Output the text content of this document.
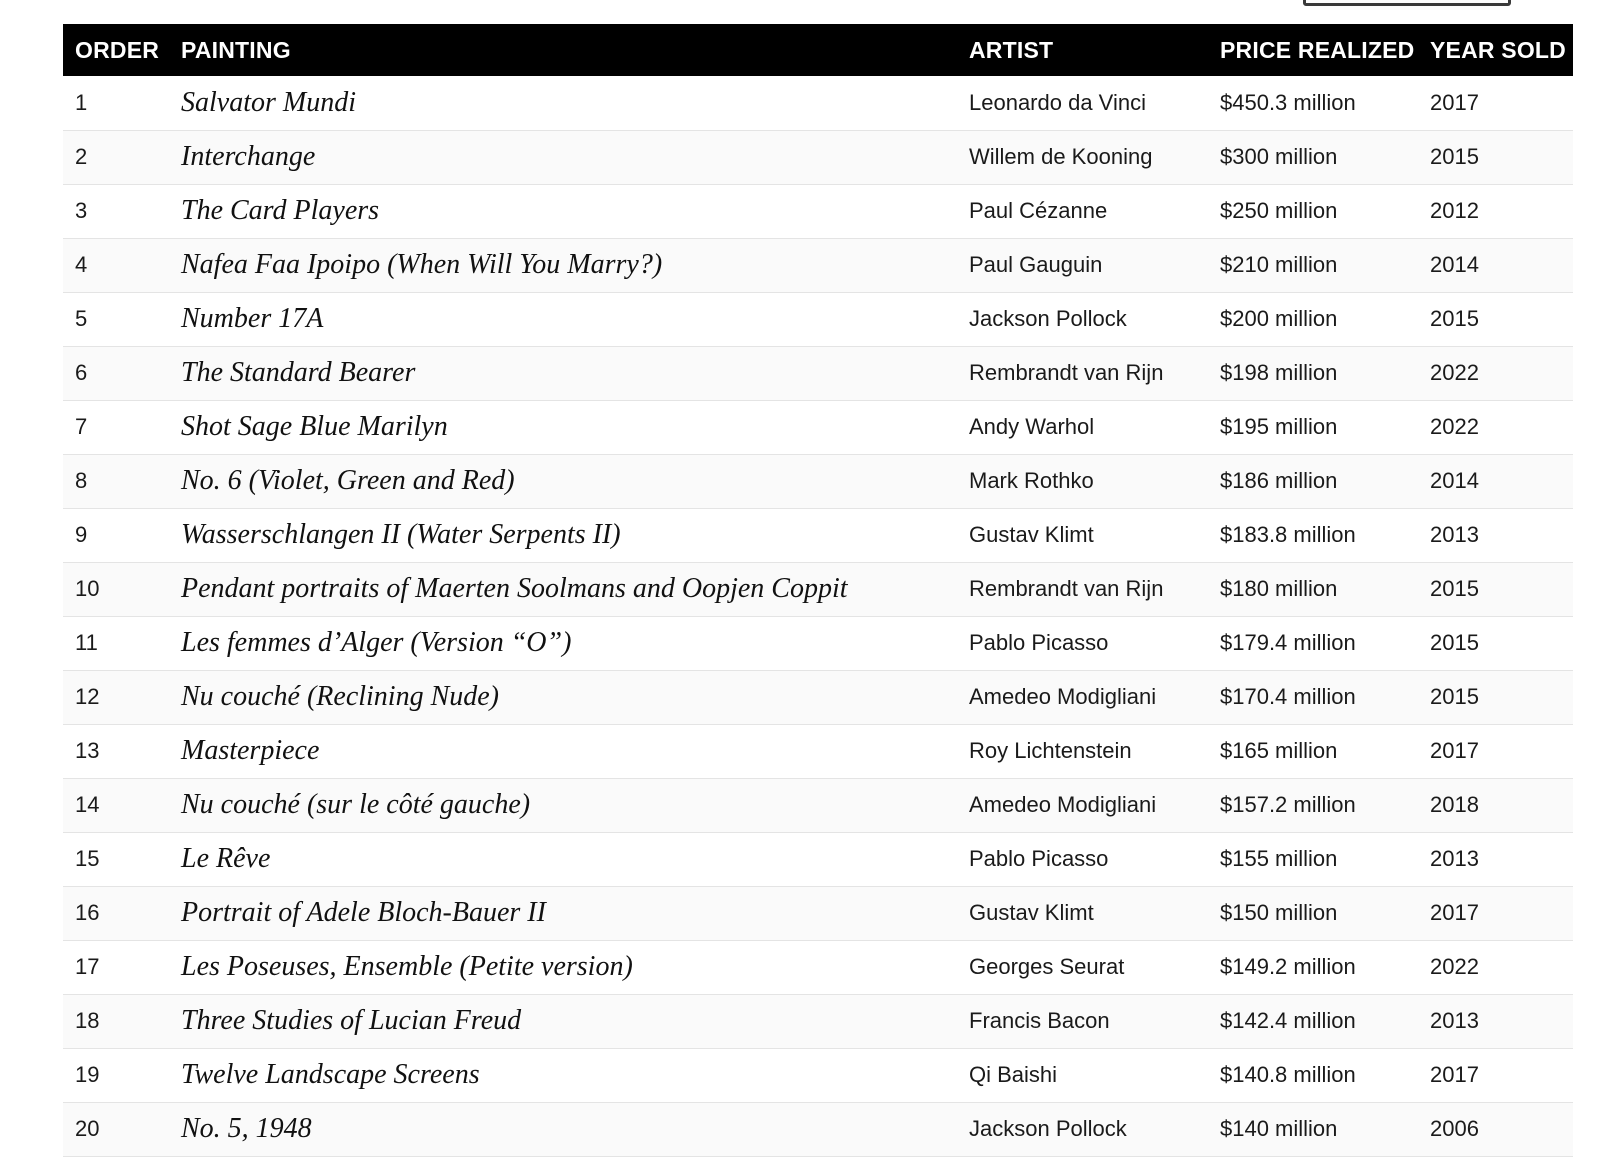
ORDER	PAINTING	ARTIST	PRICE REALIZED	YEAR SOLD
1	Salvator Mundi	Leonardo da Vinci	$450.3 million	2017
2	Interchange	Willem de Kooning	$300 million	2015
3	The Card Players	Paul Cézanne	$250 million	2012
4	Nafea Faa Ipoipo (When Will You Marry?)	Paul Gauguin	$210 million	2014
5	Number 17A	Jackson Pollock	$200 million	2015
6	The Standard Bearer	Rembrandt van Rijn	$198 million	2022
7	Shot Sage Blue Marilyn	Andy Warhol	$195 million	2022
8	No. 6 (Violet, Green and Red)	Mark Rothko	$186 million	2014
9	Wasserschlangen II (Water Serpents II)	Gustav Klimt	$183.8 million	2013
10	Pendant portraits of Maerten Soolmans and Oopjen Coppit	Rembrandt van Rijn	$180 million	2015
11	Les femmes d’Alger (Version “O”)	Pablo Picasso	$179.4 million	2015
12	Nu couché (Reclining Nude)	Amedeo Modigliani	$170.4 million	2015
13	Masterpiece	Roy Lichtenstein	$165 million	2017
14	Nu couché (sur le côté gauche)	Amedeo Modigliani	$157.2 million	2018
15	Le Rêve	Pablo Picasso	$155 million	2013
16	Portrait of Adele Bloch-Bauer II	Gustav Klimt	$150 million	2017
17	Les Poseuses, Ensemble (Petite version)	Georges Seurat	$149.2 million	2022
18	Three Studies of Lucian Freud	Francis Bacon	$142.4 million	2013
19	Twelve Landscape Screens	Qi Baishi	$140.8 million	2017
20	No. 5, 1948	Jackson Pollock	$140 million	2006
